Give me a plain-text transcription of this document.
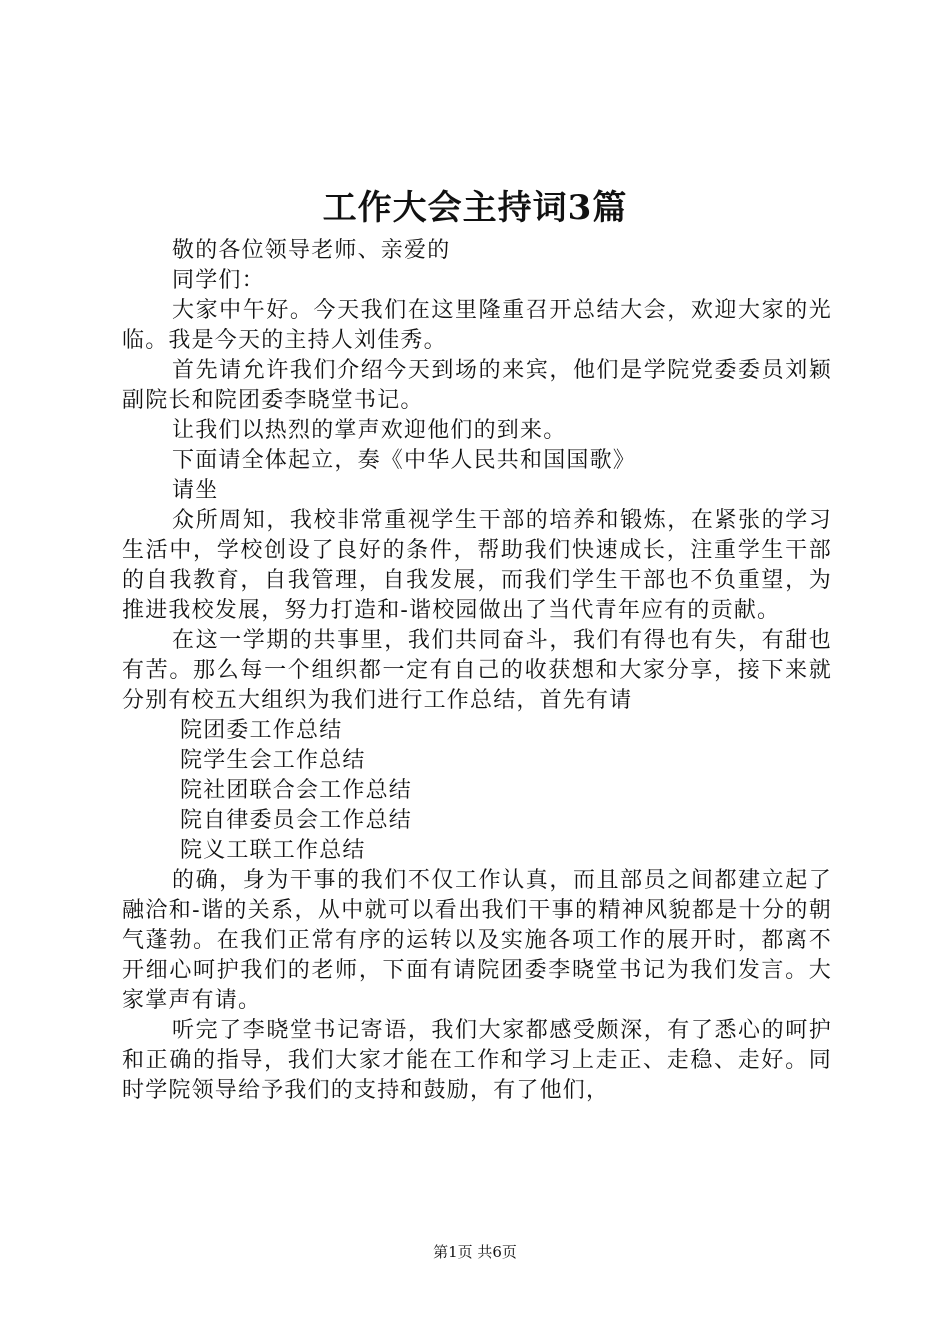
工作大会主持词3篇

敬的各位领导老师、亲爱的

同学们：

大家中午好。今天我们在这里隆重召开总结大会，欢迎大家的光临。我是今天的主持人刘佳秀。

首先请允许我们介绍今天到场的来宾，他们是学院党委委员刘颖副院长和院团委李晓堂书记。

让我们以热烈的掌声欢迎他们的到来。

下面请全体起立，奏《中华人民共和国国歌》

请坐

众所周知，我校非常重视学生干部的培养和锻炼，在紧张的学习生活中，学校创设了良好的条件，帮助我们快速成长，注重学生干部的自我教育，自我管理，自我发展，而我们学生干部也不负重望，为推进我校发展，努力打造和-谐校园做出了当代青年应有的贡献。

在这一学期的共事里，我们共同奋斗，我们有得也有失，有甜也有苦。那么每一个组织都一定有自己的收获想和大家分享，接下来就分别有校五大组织为我们进行工作总结，首先有请

院团委工作总结

院学生会工作总结

院社团联合会工作总结

院自律委员会工作总结

院义工联工作总结

的确，身为干事的我们不仅工作认真，而且部员之间都建立起了融洽和-谐的关系，从中就可以看出我们干事的精神风貌都是十分的朝气蓬勃。在我们正常有序的运转以及实施各项工作的展开时，都离不开细心呵护我们的老师，下面有请院团委李晓堂书记为我们发言。大家掌声有请。

听完了李晓堂书记寄语，我们大家都感受颇深，有了悉心的呵护和正确的指导，我们大家才能在工作和学习上走正、走稳、走好。同时学院领导给予我们的支持和鼓励，有了他们，

第1页 共6页
